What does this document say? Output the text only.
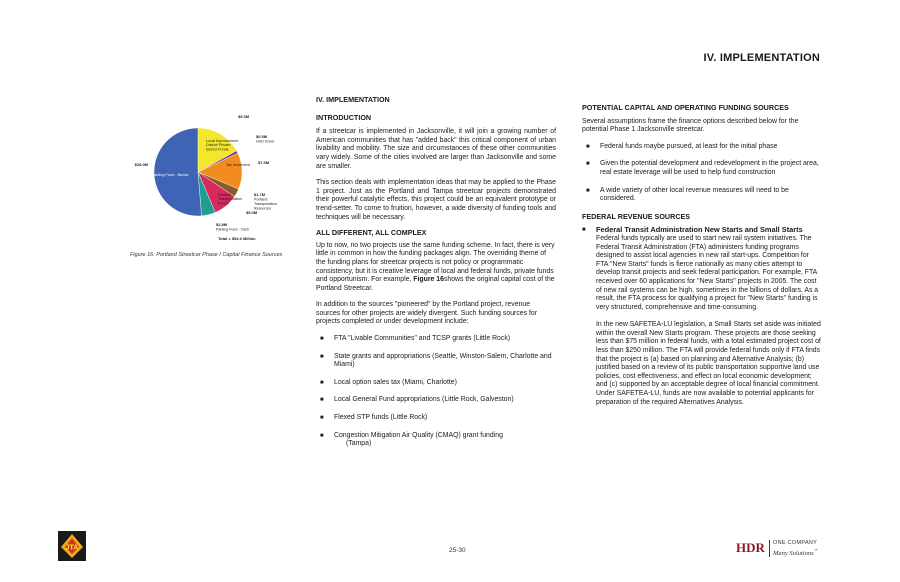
IV. IMPLEMENTATION
$9.3M
Local Improvement
District Private
Sector Funds
$0.5M
HUD Grant
$7.3M
Tax Increment
$1.7M
Portland
Transportation
Resources
$5.0M
Federal
Transportation
Funds
$2.8M
Parking Fund - Cash
$28.0M
Parking Fund - Bonds
Total = $54.6 Million
Figure 16: Portland Streetcar Phase I Capital Finance Sources
IV. IMPLEMENTATION
INTRODUCTION

If a streetcar is implemented in Jacksonville, it will join a growing number of American communities that has "added back" this critical component of urban livability and mobility. The size and circumstances of these other communities vary widely. Some of the cities involved are larger than Jacksonville and some are smaller.

This section deals with implementation ideas that may be applied to the Phase 1 project. Just as the Portland and Tampa streetcar projects demonstrated their powerful catalytic effects, this project could be an equivalent prototype or trend-setter. To come to fruition, however, a wide diversity of funding tools and techniques will be necessary.

ALL DIFFERENT, ALL COMPLEX

Up to now, no two projects use the same funding scheme. In fact, there is very little in common in how the funding packages align. The overriding theme of the funding plans for streetcar projects is not policy or programmatic consistency, but it is creative leverage of local and federal funds, private funds and opportunism. For example, Figure 16shows the original capital cost of the Portland Streetcar.

In addition to the sources "pioneered" by the Portland project, revenue sources for other projects are widely divergent. Such funding sources for projects completed or under development include:

■ FTA "Livable Communities" and TCSP grants (Little Rock)
■ State grants and appropriations (Seattle, Winston-Salem, Charlotte and Miami)
■ Local option sales tax (Miami, Charlotte)
■ Local General Fund appropriations (Little Rock, Galveston)
■ Flexed STP funds (Little Rock)
■ Congestion Mitigation Air Quality (CMAQ) grant funding
(Tampa)
POTENTIAL CAPITAL AND OPERATING FUNDING SOURCES

Several assumptions frame the finance options described below for the potential Phase 1 Jacksonville streetcar.

■ Federal funds maybe pursued, at least for the initial phase
■ Given the potential development and redevelopment in the project area, real estate leverage will be used to help fund construction
■ A wide variety of other local revenue measures will need to be considered.
FEDERAL REVENUE SOURCES
■ Federal Transit Administration New Starts and Small Starts

Federal funds typically are used to start new rail system initiatives. The Federal Transit Administration (FTA) administers funding programs designed to assist local agencies in new rail start-ups. Competition for FTA "New Starts" funds is fierce nationally as many cities attempt to develop transit projects and seek federal participation. For example, FTA received over 60 applications for "New Starts" projects in 2005. The cost of new rail systems can be high, sometimes in the billions of dollars. As a result, the FTA process for qualifying a project for "New Starts" funding is very structured, comprehensive and time-consuming.

In the new SAFETEA-LU legislation, a Small Starts set aside was initiated within the overall New Starts program. These projects are those seeking less than $75 million in federal funds, with a total estimated project cost of less than $250 million. The FTA will provide federal funds only if FTA finds that the project is (a) based on planning and Alternative Analysis; (b) justified based on a review of its public transportation supportive land use policies, cost effectiveness, and effect on local economic development; and (c) supported by an acceptable degree of local financial commitment. Under SAFETEA-LU, funds are now available to potential applicants for preparation of the required Alternatives Analysis.

JTA	25-30	HDR ONE COMPANY
Many Solutions℠
